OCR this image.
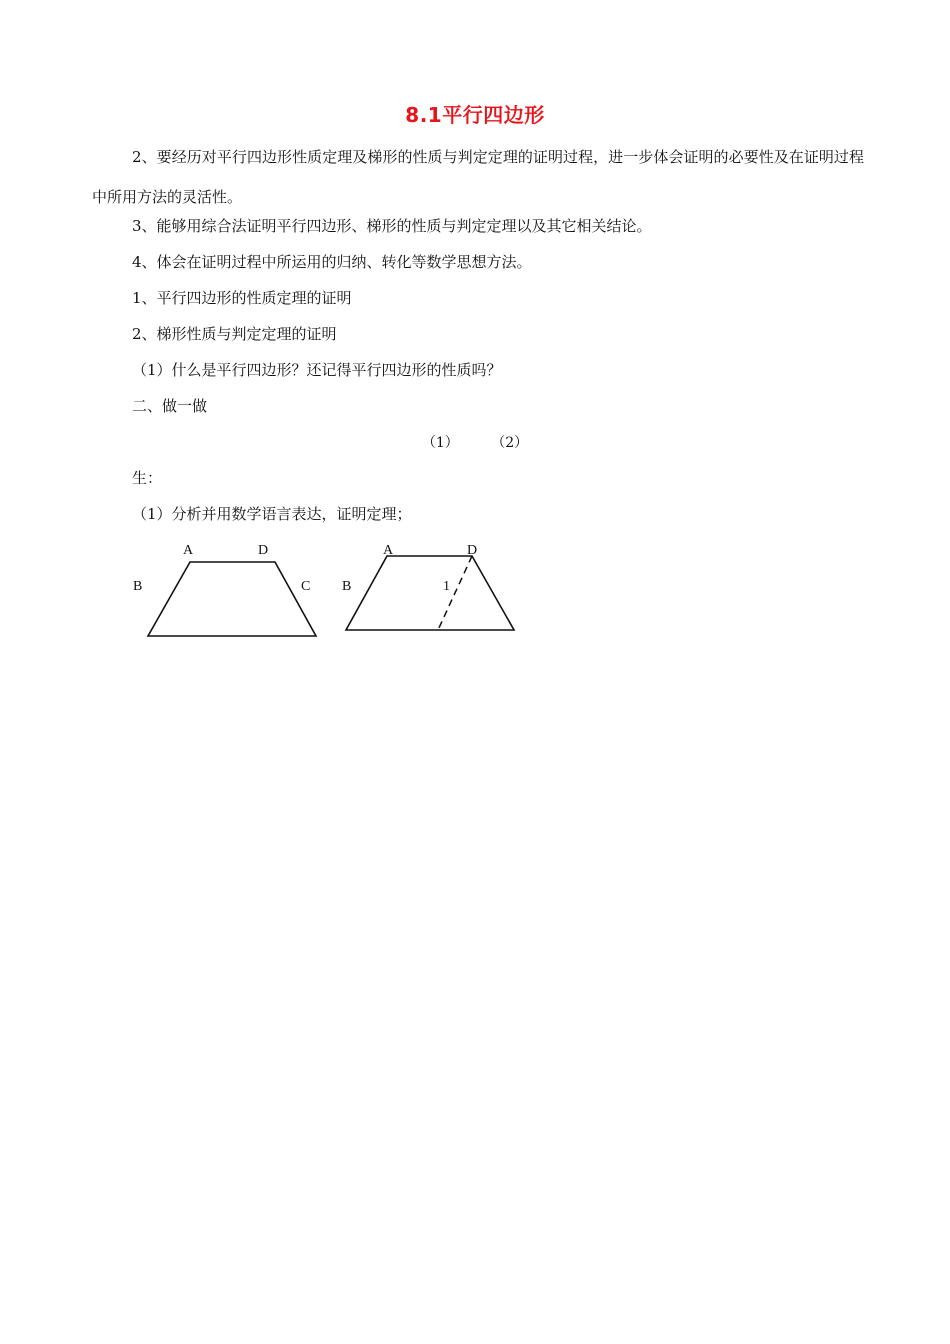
8.1平行四边形
2、要经历对平行四边形性质定理及梯形的性质与判定定理的证明过程，进一步体会证明的必要性及在证明过程中所用方法的灵活性。
3、能够用综合法证明平行四边形、梯形的性质与判定定理以及其它相关结论。
4、体会在证明过程中所运用的归纳、转化等数学思想方法。
1、平行四边形的性质定理的证明
2、梯形性质与判定定理的证明
（1）什么是平行四边形？还记得平行四边形的性质吗？
二、做一做
（1） （2）
生：
（1）分析并用数学语言表达，证明定理；
A	D
B	C
A	D
B	1
